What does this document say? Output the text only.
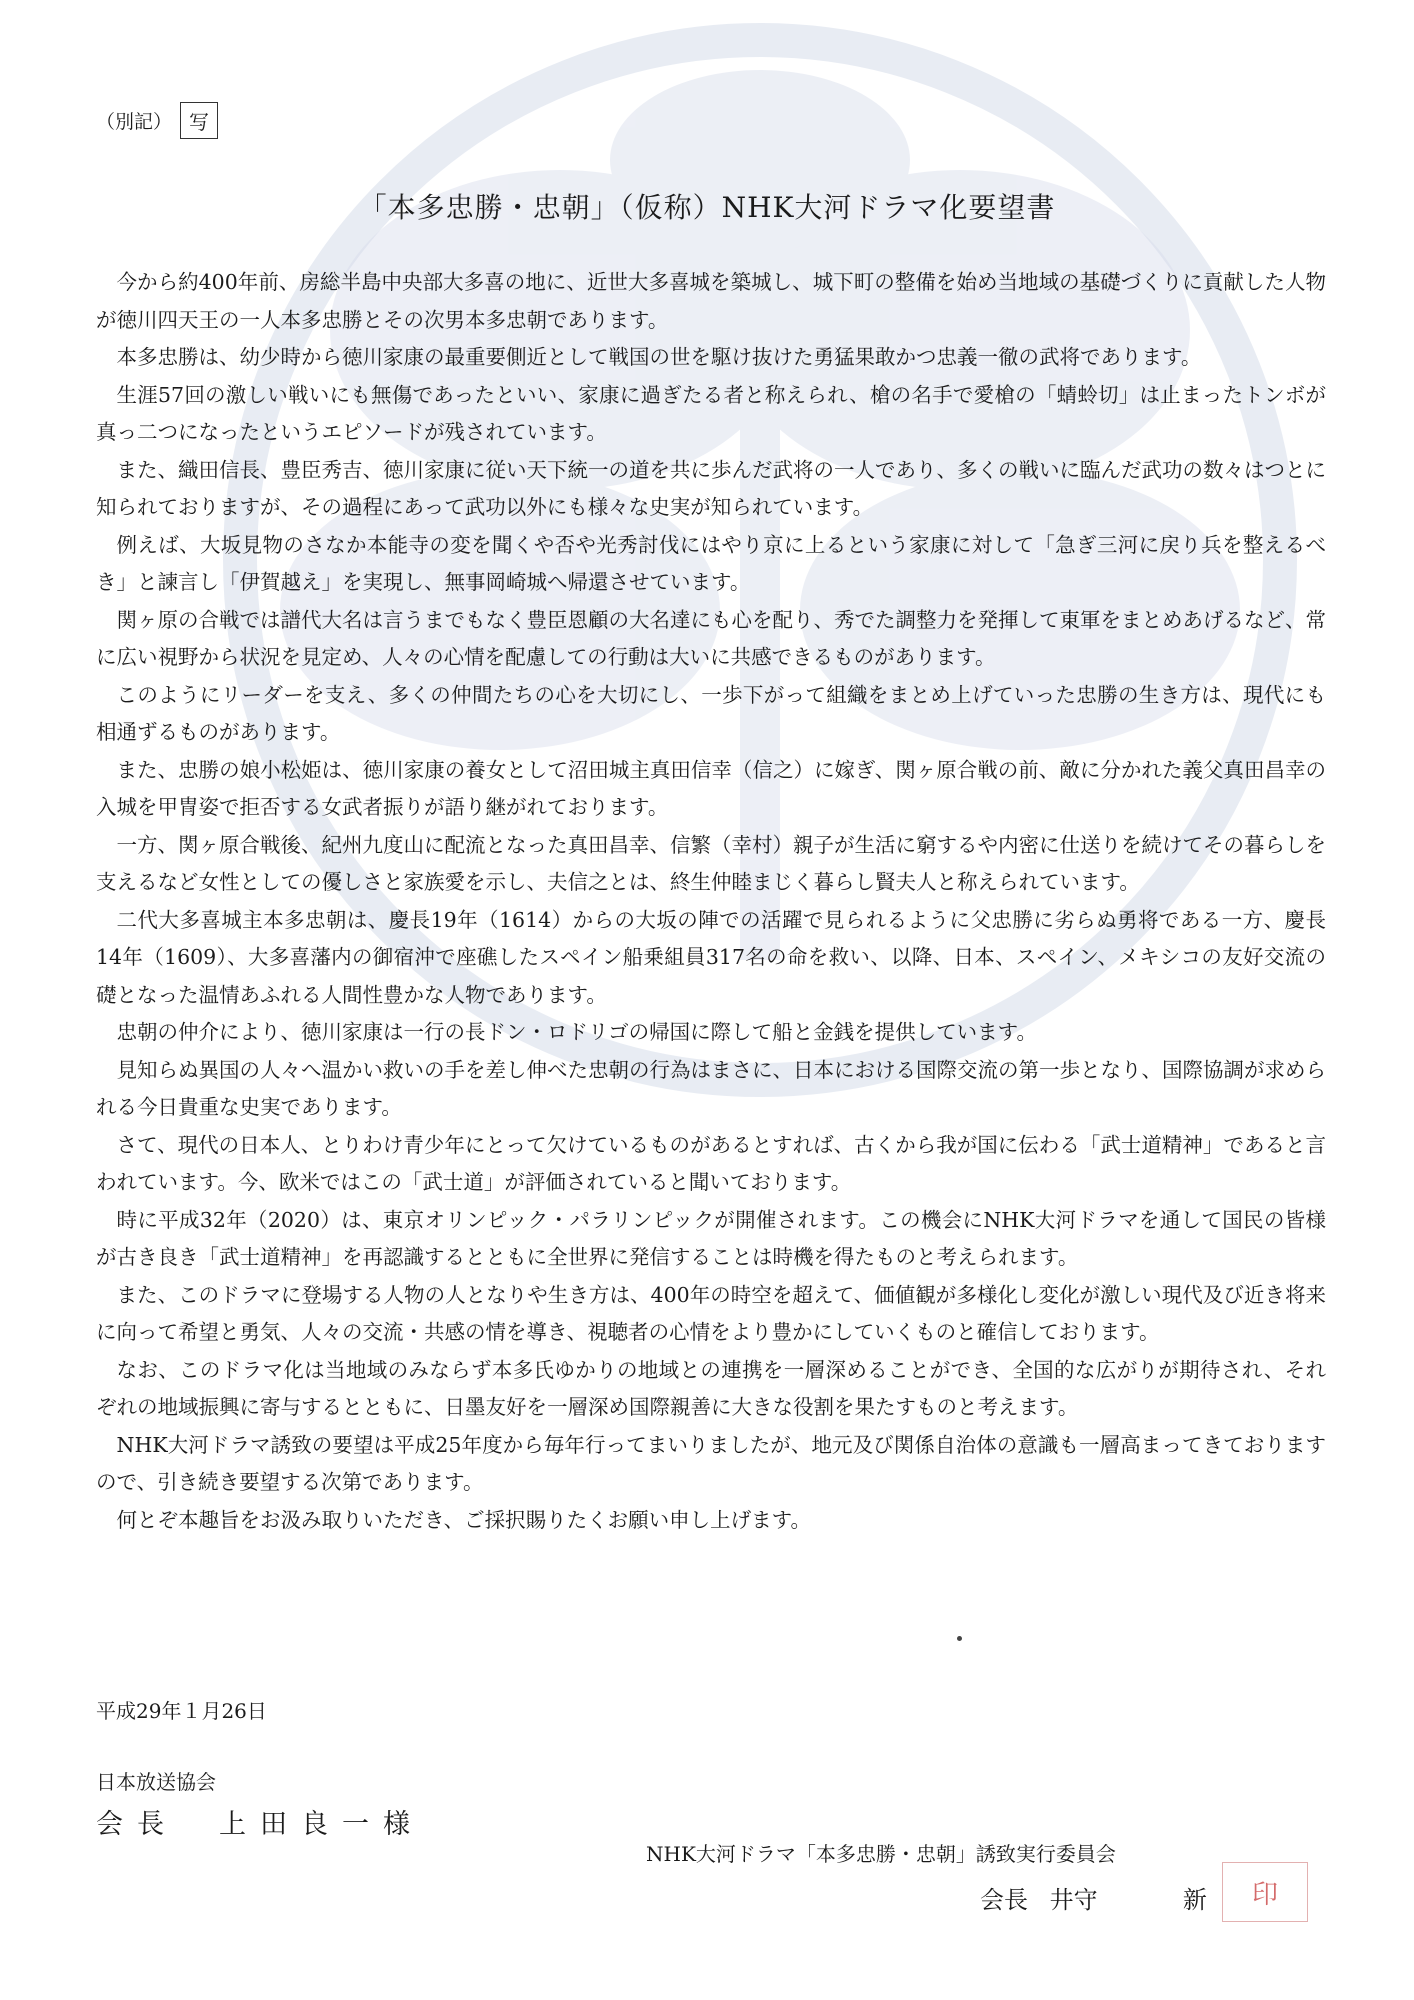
（別記） 写
「本多忠勝・忠朝」（仮称）NHK大河ドラマ化要望書

今から約400年前、房総半島中央部大多喜の地に、近世大多喜城を築城し、城下町の整備を始め当地域の基礎づくりに貢献した人物が徳川四天王の一人本多忠勝とその次男本多忠朝であります。

本多忠勝は、幼少時から徳川家康の最重要側近として戦国の世を駆け抜けた勇猛果敢かつ忠義一徹の武将であります。

生涯57回の激しい戦いにも無傷であったといい、家康に過ぎたる者と称えられ、槍の名手で愛槍の「蜻蛉切」は止まったトンボが真っ二つになったというエピソードが残されています。

また、織田信長、豊臣秀吉、徳川家康に従い天下統一の道を共に歩んだ武将の一人であり、多くの戦いに臨んだ武功の数々はつとに知られておりますが、その過程にあって武功以外にも様々な史実が知られています。

例えば、大坂見物のさなか本能寺の変を聞くや否や光秀討伐にはやり京に上るという家康に対して「急ぎ三河に戻り兵を整えるべき」と諫言し「伊賀越え」を実現し、無事岡崎城へ帰還させています。

関ヶ原の合戦では譜代大名は言うまでもなく豊臣恩顧の大名達にも心を配り、秀でた調整力を発揮して東軍をまとめあげるなど、常に広い視野から状況を見定め、人々の心情を配慮しての行動は大いに共感できるものがあります。

このようにリーダーを支え、多くの仲間たちの心を大切にし、一歩下がって組織をまとめ上げていった忠勝の生き方は、現代にも相通ずるものがあります。

また、忠勝の娘小松姫は、徳川家康の養女として沼田城主真田信幸（信之）に嫁ぎ、関ヶ原合戦の前、敵に分かれた義父真田昌幸の入城を甲冑姿で拒否する女武者振りが語り継がれております。

一方、関ヶ原合戦後、紀州九度山に配流となった真田昌幸、信繁（幸村）親子が生活に窮するや内密に仕送りを続けてその暮らしを支えるなど女性としての優しさと家族愛を示し、夫信之とは、終生仲睦まじく暮らし賢夫人と称えられています。

二代大多喜城主本多忠朝は、慶長19年（1614）からの大坂の陣での活躍で見られるように父忠勝に劣らぬ勇将である一方、慶長14年（1609）、大多喜藩内の御宿沖で座礁したスペイン船乗組員317名の命を救い、以降、日本、スペイン、メキシコの友好交流の礎となった温情あふれる人間性豊かな人物であります。

忠朝の仲介により、徳川家康は一行の長ドン・ロドリゴの帰国に際して船と金銭を提供しています。

見知らぬ異国の人々へ温かい救いの手を差し伸べた忠朝の行為はまさに、日本における国際交流の第一歩となり、国際協調が求められる今日貴重な史実であります。

さて、現代の日本人、とりわけ青少年にとって欠けているものがあるとすれば、古くから我が国に伝わる「武士道精神」であると言われています。今、欧米ではこの「武士道」が評価されていると聞いております。

時に平成32年（2020）は、東京オリンピック・パラリンピックが開催されます。この機会にNHK大河ドラマを通して国民の皆様が古き良き「武士道精神」を再認識するとともに全世界に発信することは時機を得たものと考えられます。

また、このドラマに登場する人物の人となりや生き方は、400年の時空を超えて、価値観が多様化し変化が激しい現代及び近き将来に向って希望と勇気、人々の交流・共感の情を導き、視聴者の心情をより豊かにしていくものと確信しております。

なお、このドラマ化は当地域のみならず本多氏ゆかりの地域との連携を一層深めることができ、全国的な広がりが期待され、それぞれの地域振興に寄与するとともに、日墨友好を一層深め国際親善に大きな役割を果たすものと考えます。

NHK大河ドラマ誘致の要望は平成25年度から毎年行ってまいりましたが、地元及び関係自治体の意識も一層高まってきておりますので、引き続き要望する次第であります。

何とぞ本趣旨をお汲み取りいただき、ご採択賜りたくお願い申し上げます。

平成29年１月26日
日本放送協会
会長　上田良一様
NHK大河ドラマ「本多忠勝・忠朝」誘致実行委員会
会長 井守	新	印
